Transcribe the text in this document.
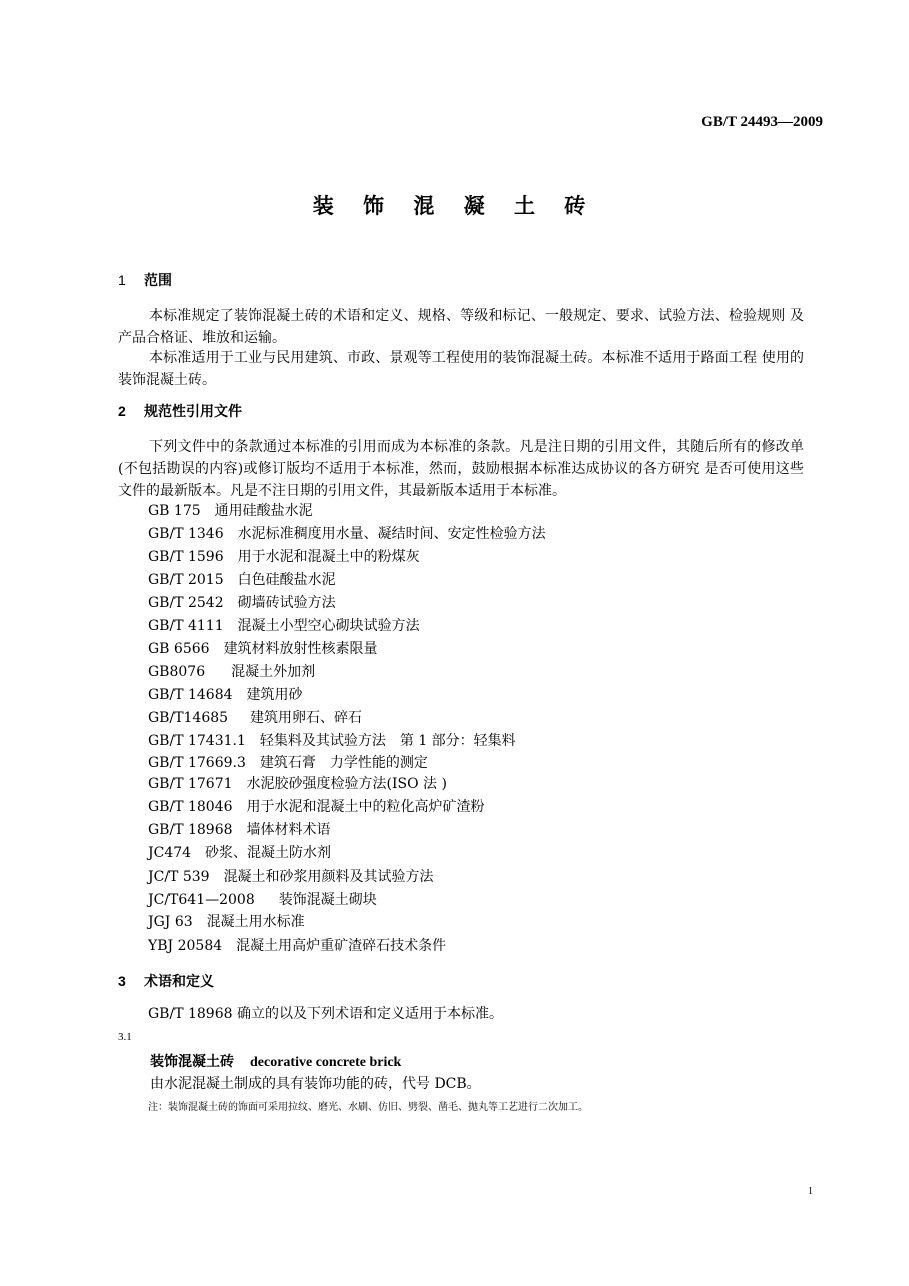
GB/T 24493—2009
装 饰 混 凝 土 砖
1 范围
本标准规定了装饰混凝土砖的术语和定义、规格、等级和标记、一般规定、要求、试验方法、检验规则 及产品合格证、堆放和运输。
本标准适用于工业与民用建筑、市政、景观等工程使用的装饰混凝土砖。本标准不适用于路面工程 使用的装饰混凝土砖。
2 规范性引用文件
下列文件中的条款通过本标准的引用而成为本标准的条款。凡是注日期的引用文件，其随后所有的修改单(不包括勘误的内容)或修订版均不适用于本标准，然而，鼓励根据本标准达成协议的各方研究 是否可使用这些文件的最新版本。凡是不注日期的引用文件，其最新版本适用于本标准。
GB 175 通用硅酸盐水泥
GB/T 1346 水泥标准稠度用水量、凝结时间、安定性检验方法
GB/T 1596 用于水泥和混凝土中的粉煤灰
GB/T 2015 白色硅酸盐水泥
GB/T 2542 砌墙砖试验方法
GB/T 4111 混凝土小型空心砌块试验方法
GB 6566 建筑材料放射性核素限量
GB8076 混凝土外加剂
GB/T 14684 建筑用砂
GB/T14685 建筑用卵石、碎石
GB/T 17431.1 轻集料及其试验方法　第 1 部分：轻集料
GB/T 17669.3 建筑石膏　力学性能的测定
GB/T 17671 水泥胶砂强度检验方法(ISO 法 )
GB/T 18046 用于水泥和混凝土中的粒化高炉矿渣粉
GB/T 18968 墙体材料术语
JC474 砂浆、混凝土防水剂
JC/T 539 混凝土和砂浆用颜料及其试验方法
JC/T641—2008 装饰混凝土砌块
JGJ 63 混凝土用水标准
YBJ 20584 混凝土用高炉重矿渣碎石技术条件
3 术语和定义
GB/T 18968 确立的以及下列术语和定义适用于本标准。
3.1
装饰混凝土砖 decorative concrete brick
由水泥混凝土制成的具有装饰功能的砖，代号 DCB。
注：装饰混凝土砖的饰面可采用拉纹、磨光、水刷、仿旧、劈裂、凿毛、抛丸等工艺进行二次加工。
1
